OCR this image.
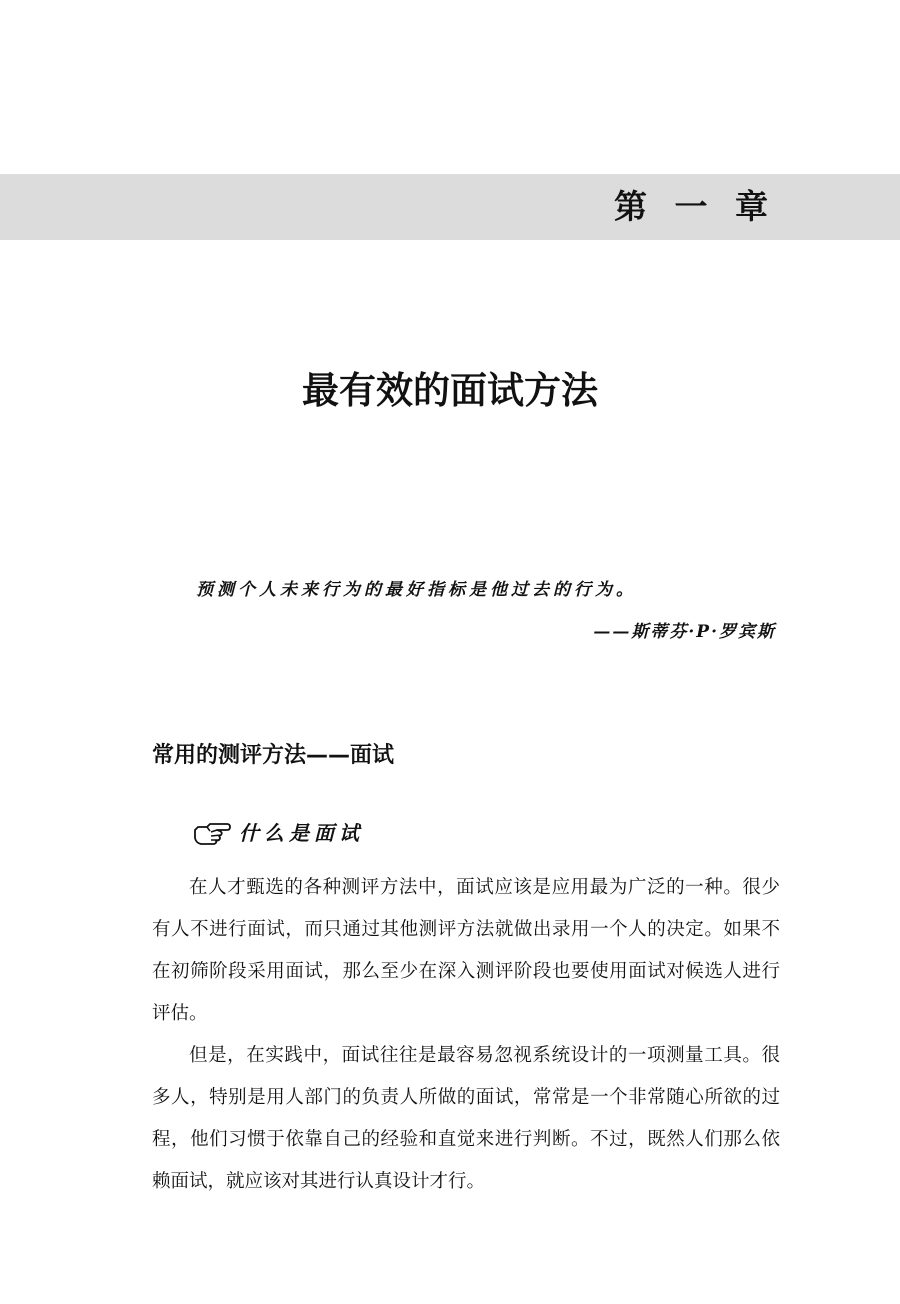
第 一 章
最有效的面试方法
预测个人未来行为的最好指标是他过去的行为。
——斯蒂芬·P·罗宾斯
常用的测评方法——面试
什么是面试

在人才甄选的各种测评方法中，面试应该是应用最为广泛的一种。很少有人不进行面试，而只通过其他测评方法就做出录用一个人的决定。如果不在初筛阶段采用面试，那么至少在深入测评阶段也要使用面试对候选人进行评估。

但是，在实践中，面试往往是最容易忽视系统设计的一项测量工具。很多人，特别是用人部门的负责人所做的面试，常常是一个非常随心所欲的过程，他们习惯于依靠自己的经验和直觉来进行判断。不过，既然人们那么依赖面试，就应该对其进行认真设计才行。
